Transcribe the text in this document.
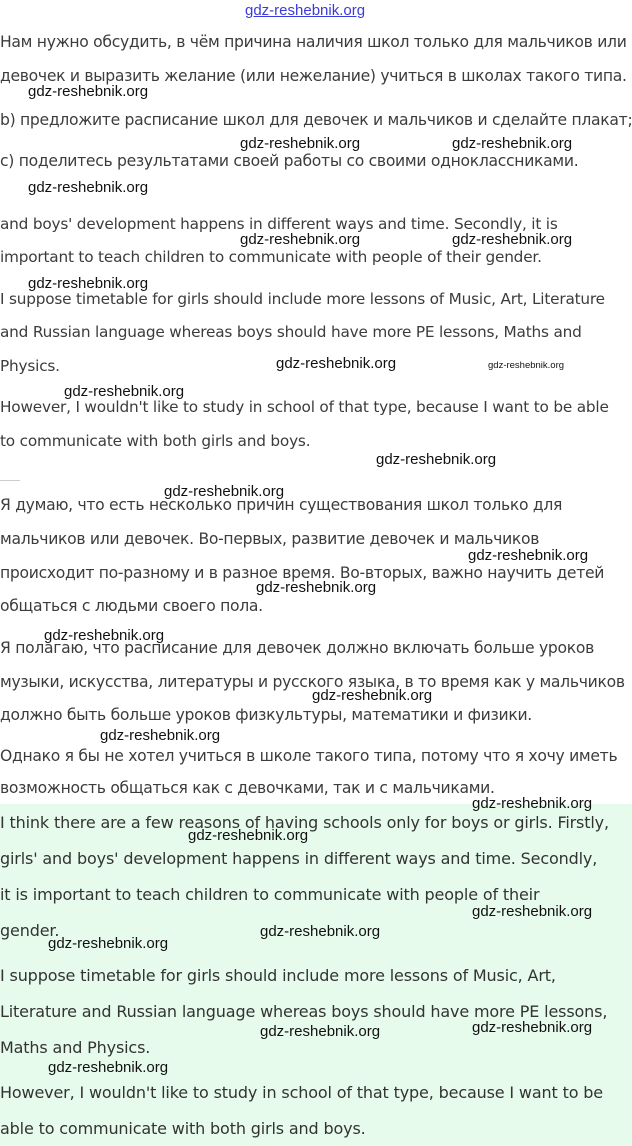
gdz-reshebnik.org
Нам нужно обсудить, в чём причина наличия школ только для мальчиков или
девочек и выразить желание (или нежелание) учиться в школах такого типа.
b) предложите расписание школ для девочек и мальчиков и сделайте плакат;
c) поделитесь результатами своей работы со своими одноклассниками.
and boys' development happens in different ways and time. Secondly, it is
important to teach children to communicate with people of their gender.
I suppose timetable for girls should include more lessons of Music, Art, Literature
and Russian language whereas boys should have more PE lessons, Maths and
Physics.
However, I wouldn't like to study in school of that type, because I want to be able
to communicate with both girls and boys.
Я думаю, что есть несколько причин существования школ только для
мальчиков или девочек. Во-первых, развитие девочек и мальчиков
происходит по-разному и в разное время. Во-вторых, важно научить детей
общаться с людьми своего пола.
Я полагаю, что расписание для девочек должно включать больше уроков
музыки, искусства, литературы и русского языка, в то время как у мальчиков
должно быть больше уроков физкультуры, математики и физики.
Однако я бы не хотел учиться в школе такого типа, потому что я хочу иметь
возможность общаться как с девочками, так и с мальчиками.
I think there are a few reasons of having schools only for boys or girls. Firstly,
girls' and boys' development happens in different ways and time. Secondly,
it is important to teach children to communicate with people of their
gender.
I suppose timetable for girls should include more lessons of Music, Art,
Literature and Russian language whereas boys should have more PE lessons,
Maths and Physics.
However, I wouldn't like to study in school of that type, because I want to be
able to communicate with both girls and boys.
gdz-reshebnik.org
gdz-reshebnik.org	gdz-reshebnik.org
gdz-reshebnik.org
gdz-reshebnik.org	gdz-reshebnik.org
gdz-reshebnik.org
gdz-reshebnik.org	gdz-reshebnik.org
gdz-reshebnik.org
gdz-reshebnik.org
gdz-reshebnik.org
gdz-reshebnik.org
gdz-reshebnik.org
gdz-reshebnik.org
gdz-reshebnik.org
gdz-reshebnik.org
gdz-reshebnik.org
gdz-reshebnik.org
gdz-reshebnik.org
gdz-reshebnik.org
gdz-reshebnik.org
gdz-reshebnik.org
gdz-reshebnik.org
gdz-reshebnik.org
